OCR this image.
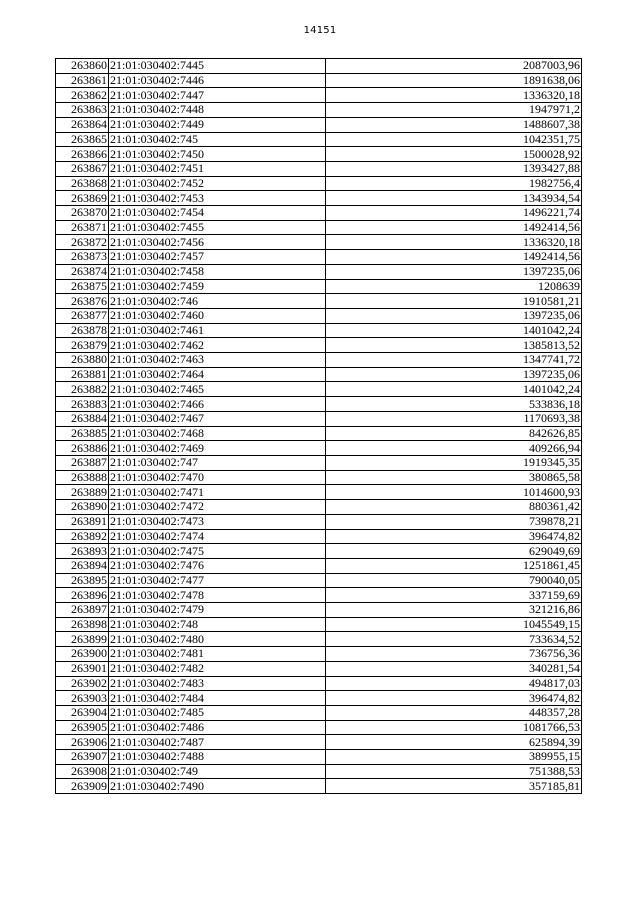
14151
263860	21:01:030402:7445	2087003,96
263861	21:01:030402:7446	1891638,06
263862	21:01:030402:7447	1336320,18
263863	21:01:030402:7448	1947971,2
263864	21:01:030402:7449	1488607,38
263865	21:01:030402:745	1042351,75
263866	21:01:030402:7450	1500028,92
263867	21:01:030402:7451	1393427,88
263868	21:01:030402:7452	1982756,4
263869	21:01:030402:7453	1343934,54
263870	21:01:030402:7454	1496221,74
263871	21:01:030402:7455	1492414,56
263872	21:01:030402:7456	1336320,18
263873	21:01:030402:7457	1492414,56
263874	21:01:030402:7458	1397235,06
263875	21:01:030402:7459	1208639
263876	21:01:030402:746	1910581,21
263877	21:01:030402:7460	1397235,06
263878	21:01:030402:7461	1401042,24
263879	21:01:030402:7462	1385813,52
263880	21:01:030402:7463	1347741,72
263881	21:01:030402:7464	1397235,06
263882	21:01:030402:7465	1401042,24
263883	21:01:030402:7466	533836,18
263884	21:01:030402:7467	1170693,38
263885	21:01:030402:7468	842626,85
263886	21:01:030402:7469	409266,94
263887	21:01:030402:747	1919345,35
263888	21:01:030402:7470	380865,58
263889	21:01:030402:7471	1014600,93
263890	21:01:030402:7472	880361,42
263891	21:01:030402:7473	739878,21
263892	21:01:030402:7474	396474,82
263893	21:01:030402:7475	629049,69
263894	21:01:030402:7476	1251861,45
263895	21:01:030402:7477	790040,05
263896	21:01:030402:7478	337159,69
263897	21:01:030402:7479	321216,86
263898	21:01:030402:748	1045549,15
263899	21:01:030402:7480	733634,52
263900	21:01:030402:7481	736756,36
263901	21:01:030402:7482	340281,54
263902	21:01:030402:7483	494817,03
263903	21:01:030402:7484	396474,82
263904	21:01:030402:7485	448357,28
263905	21:01:030402:7486	1081766,53
263906	21:01:030402:7487	625894,39
263907	21:01:030402:7488	389955,15
263908	21:01:030402:749	751388,53
263909	21:01:030402:7490	357185,81
